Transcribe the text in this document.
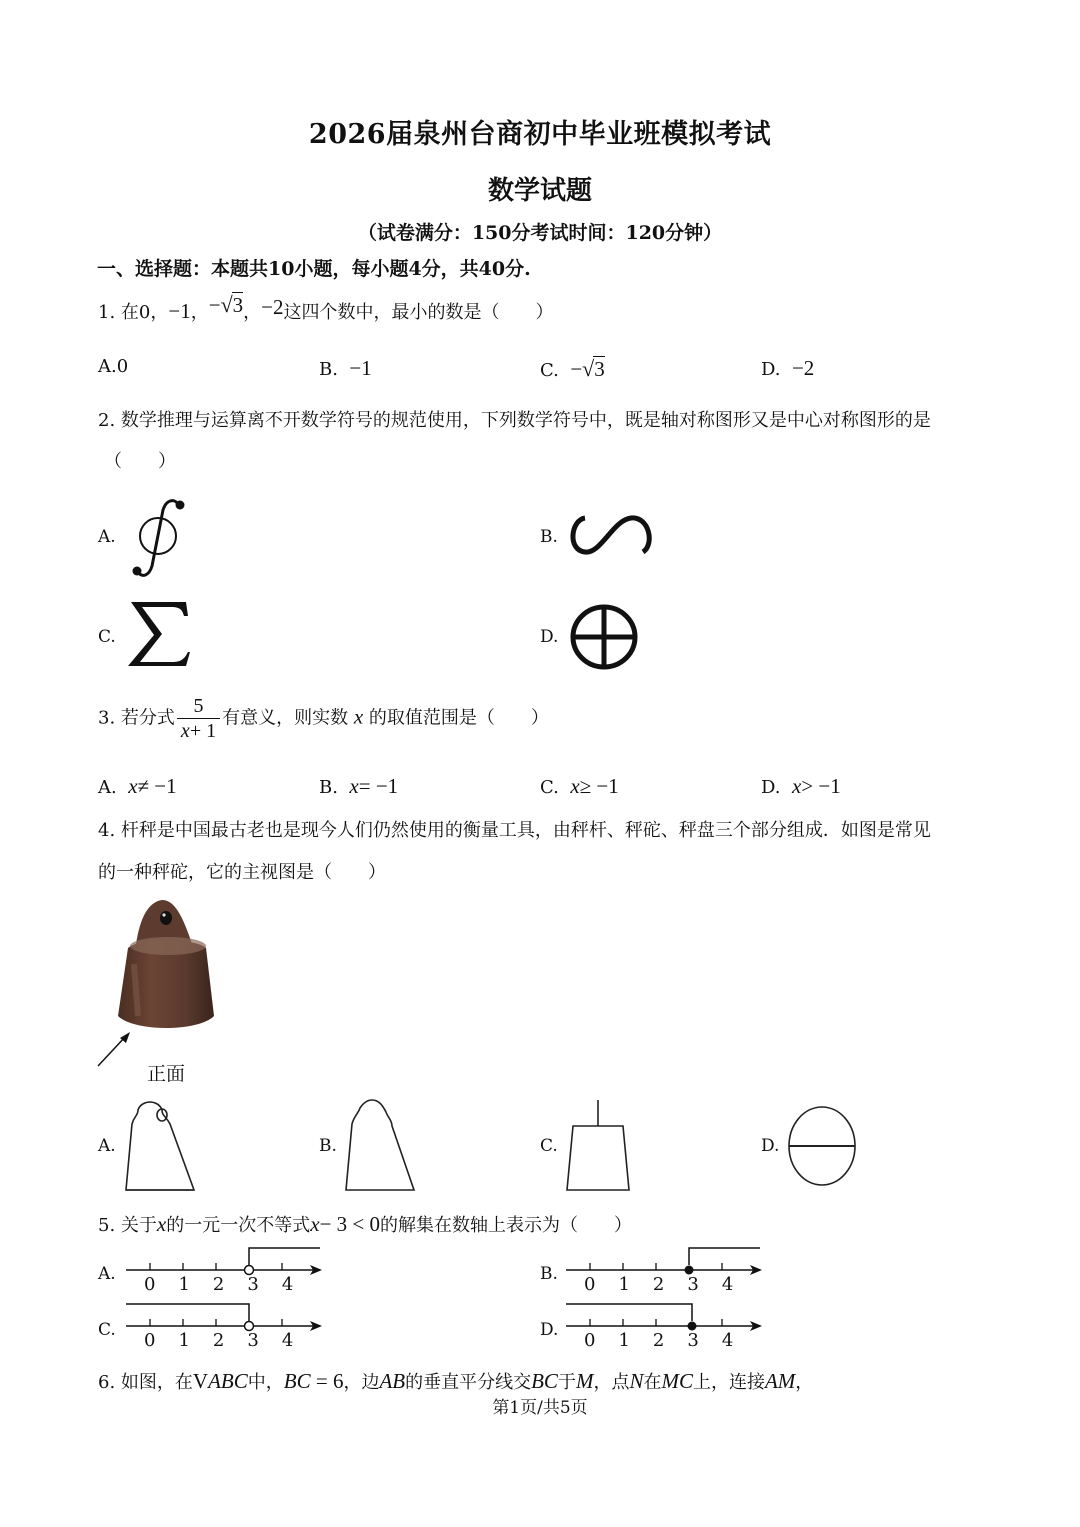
2026届泉州台商初中毕业班模拟考试
数学试题
（试卷满分：150分考试时间：120分钟）
一、选择题：本题共10小题，每小题4分，共40分.
1. 在0，−1，−√3，−2这四个数中，最小的数是（　　）
A.0	B. −1	C. −√3	D. −2
2. 数学推理与运算离不开数学符号的规范使用，下列数学符号中，既是轴对称图形又是中心对称图形的是
（　　）
A.	B.
C.	D.
3. 若分式 $\frac{5}{x+ 1}$ 有意义，则实数 x 的取值范围是（　　）
A. x≠ −1	B. x= −1	C. x≥ −1	D. x> −1
4. 杆秤是中国最古老也是现今人们仍然使用的衡量工具，由秤杆、秤砣、秤盘三个部分组成．如图是常见
的一种秤砣，它的主视图是（　　）
正面
A.	B.	C.	D.
5. 关于x的一元一次不等式x− 3 < 0的解集在数轴上表示为（　　）
A. 0 1 2 3 4	B. 0 1 2 3 4
C. 0 1 2 3 4	D. 0 1 2 3 4
6. 如图，在VABC中，BC = 6，边AB的垂直平分线交BC于M，点N在MC上，连接AM，
第1页/共5页
